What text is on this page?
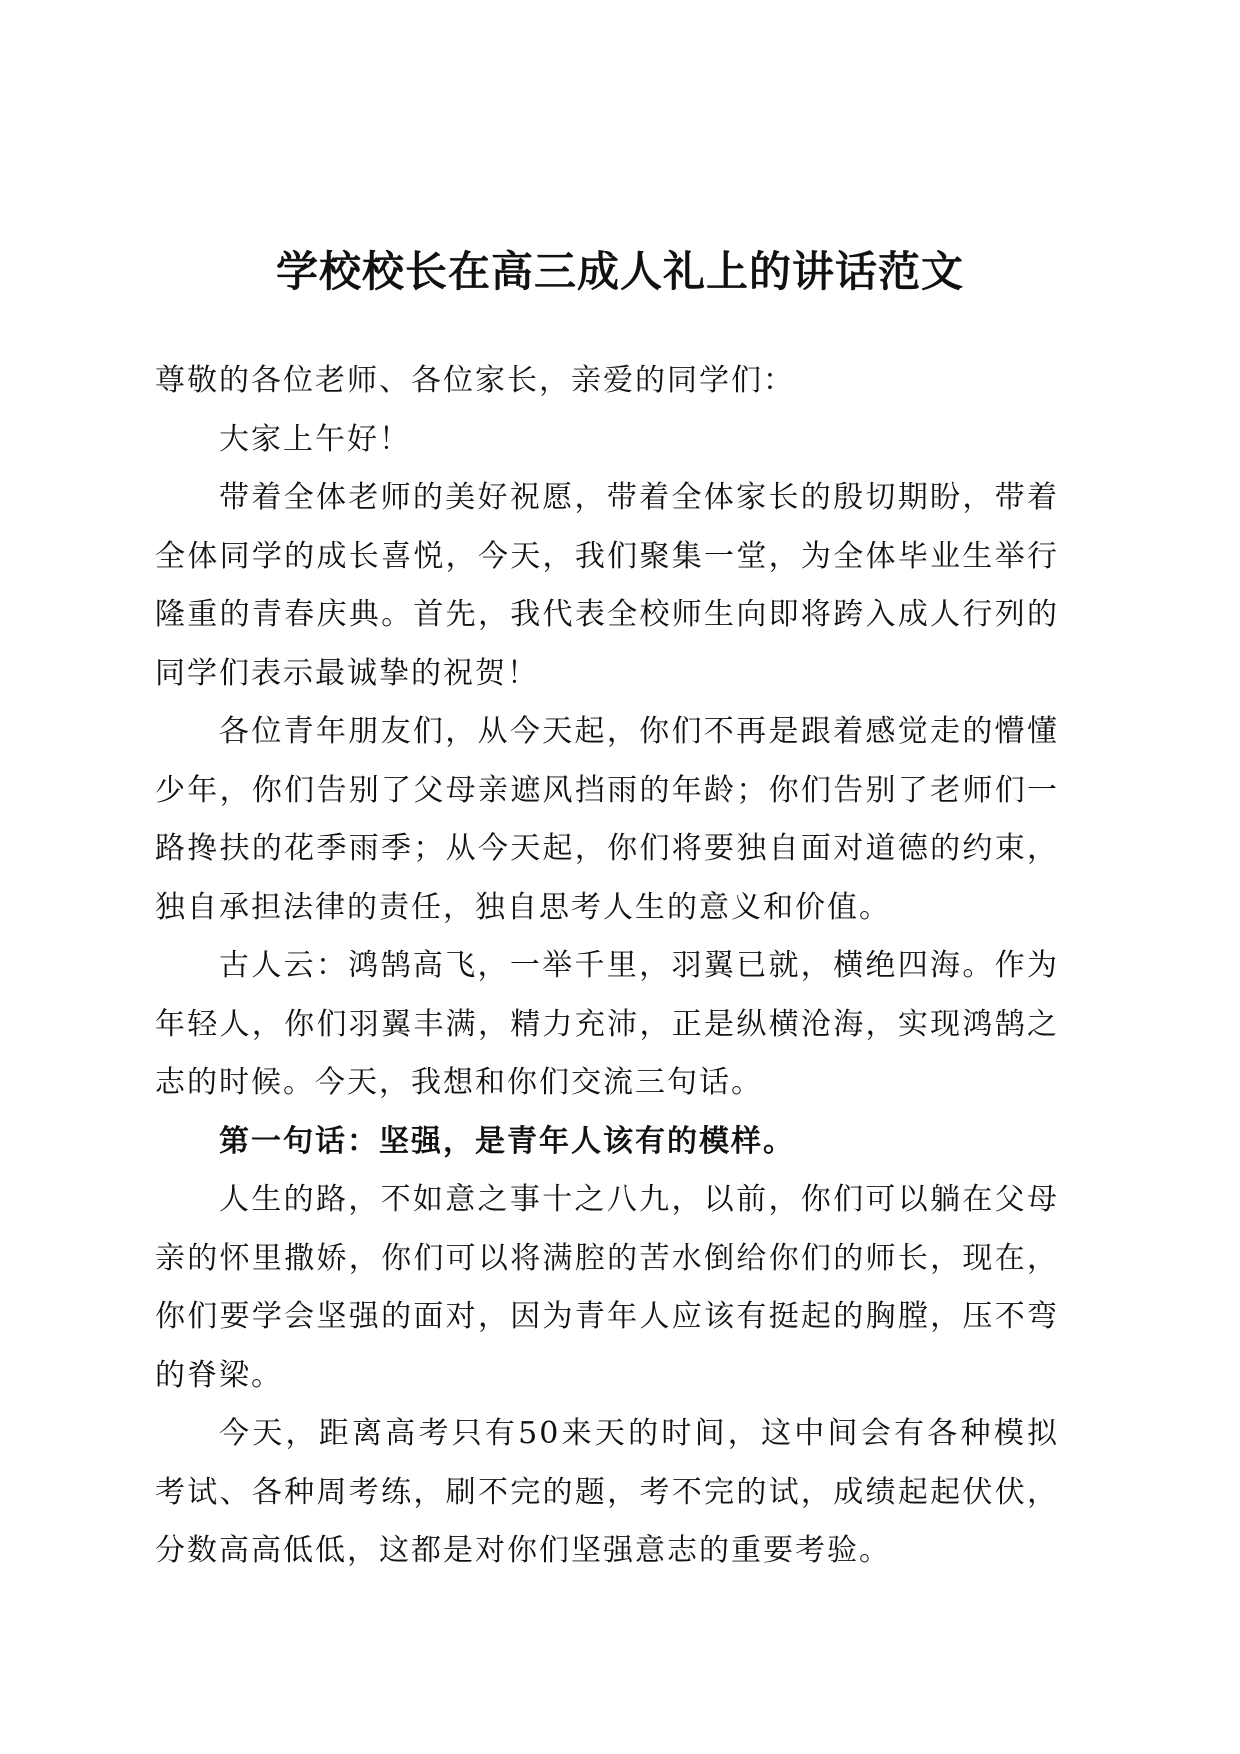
学校校长在高三成人礼上的讲话范文

尊敬的各位老师、各位家长，亲爱的同学们：

大家上午好！

带着全体老师的美好祝愿，带着全体家长的殷切期盼，带着全体同学的成长喜悦，今天，我们聚集一堂，为全体毕业生举行隆重的青春庆典。首先，我代表全校师生向即将跨入成人行列的同学们表示最诚挚的祝贺！

各位青年朋友们，从今天起，你们不再是跟着感觉走的懵懂少年，你们告别了父母亲遮风挡雨的年龄；你们告别了老师们一路搀扶的花季雨季；从今天起，你们将要独自面对道德的约束，独自承担法律的责任，独自思考人生的意义和价值。

古人云：鸿鹄高飞，一举千里，羽翼已就，横绝四海。作为年轻人，你们羽翼丰满，精力充沛，正是纵横沧海，实现鸿鹄之志的时候。今天，我想和你们交流三句话。

第一句话：坚强，是青年人该有的模样。

人生的路，不如意之事十之八九，以前，你们可以躺在父母亲的怀里撒娇，你们可以将满腔的苦水倒给你们的师长，现在，你们要学会坚强的面对，因为青年人应该有挺起的胸膛，压不弯的脊梁。

今天，距离高考只有50来天的时间，这中间会有各种模拟考试、各种周考练，刷不完的题，考不完的试，成绩起起伏伏，分数高高低低，这都是对你们坚强意志的重要考验。
